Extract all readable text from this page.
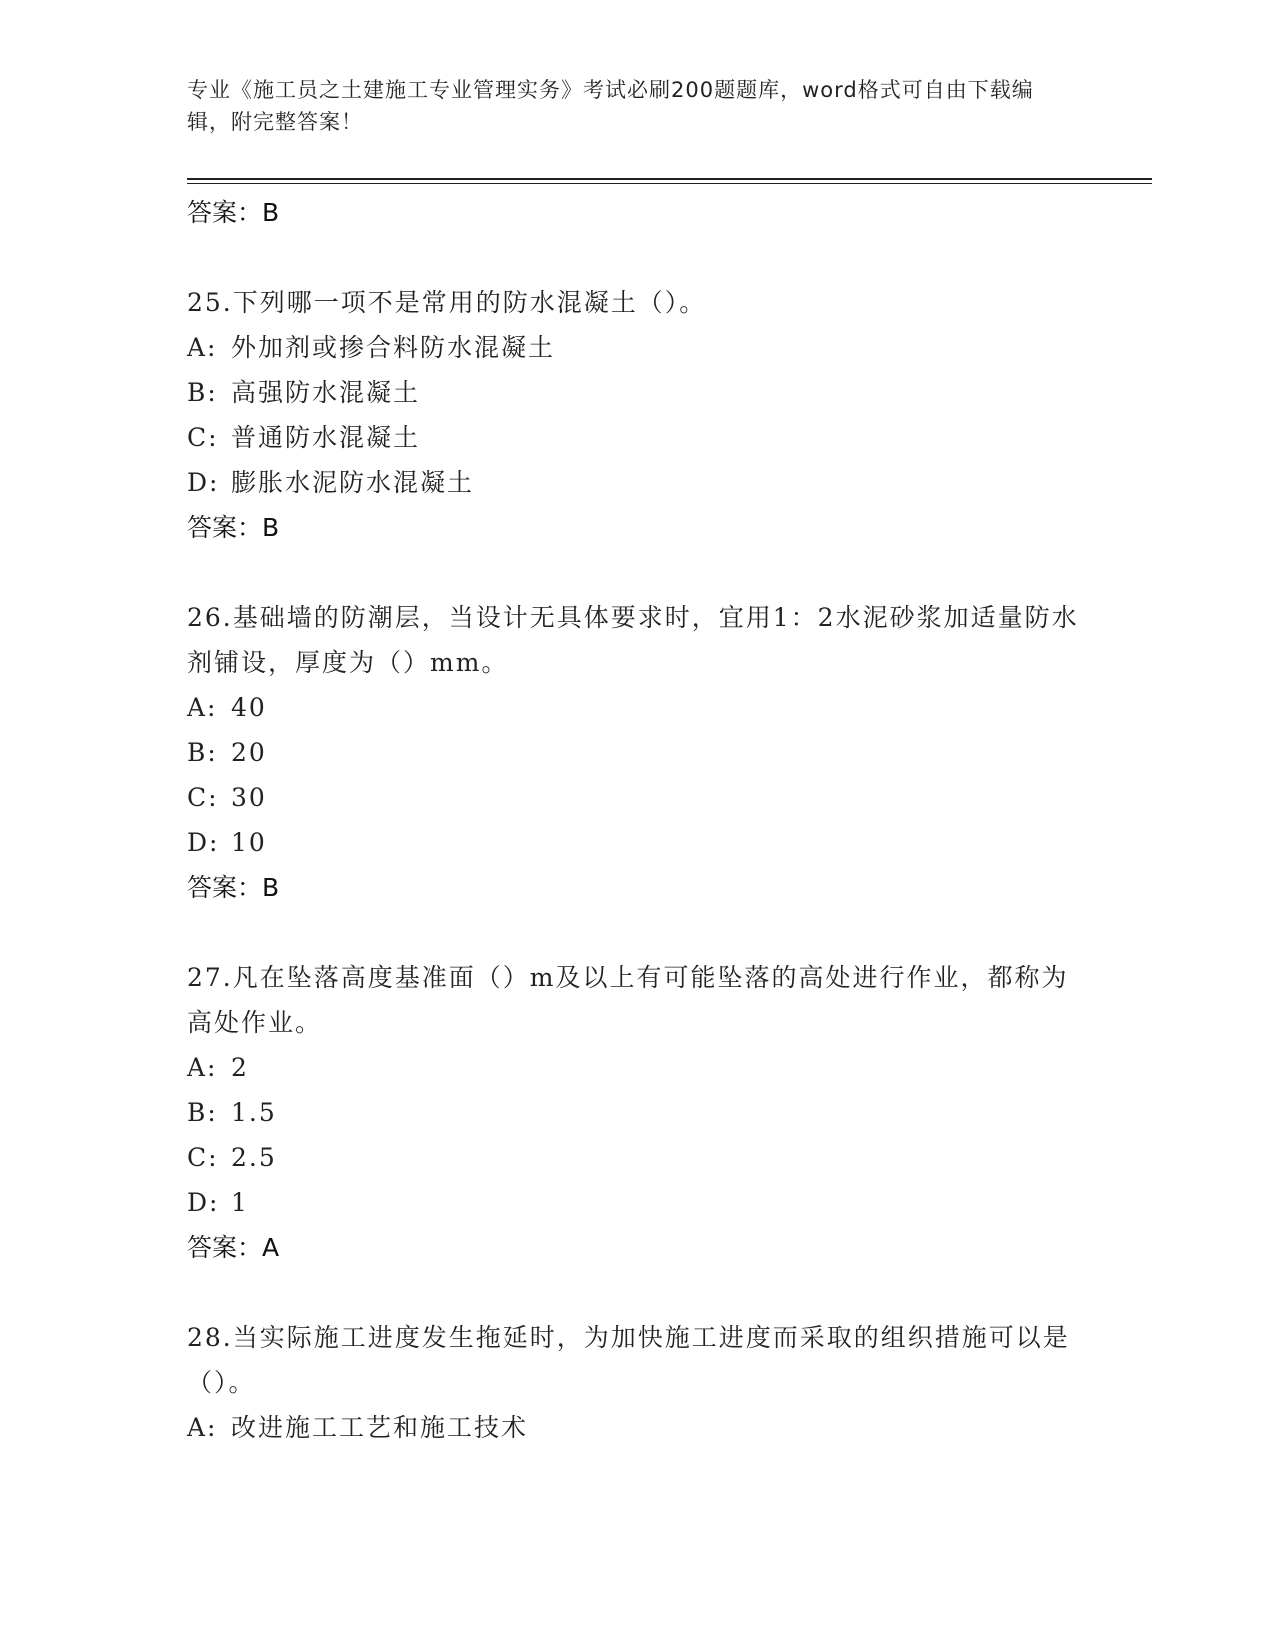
专业《施工员之土建施工专业管理实务》考试必刷200题题库，word格式可自由下载编辑，附完整答案！
答案：B
25.下列哪一项不是常用的防水混凝土（）。
A: 外加剂或掺合料防水混凝土
B: 高强防水混凝土
C: 普通防水混凝土
D: 膨胀水泥防水混凝土
答案：B
26.基础墙的防潮层，当设计无具体要求时，宜用1：2水泥砂浆加适量防水剂铺设，厚度为（）mm。
A: 40
B: 20
C: 30
D: 10
答案：B
27.凡在坠落高度基准面（）m及以上有可能坠落的高处进行作业，都称为高处作业。
A: 2
B: 1.5
C: 2.5
D: 1
答案：A
28.当实际施工进度发生拖延时，为加快施工进度而采取的组织措施可以是（）。
A: 改进施工工艺和施工技术
